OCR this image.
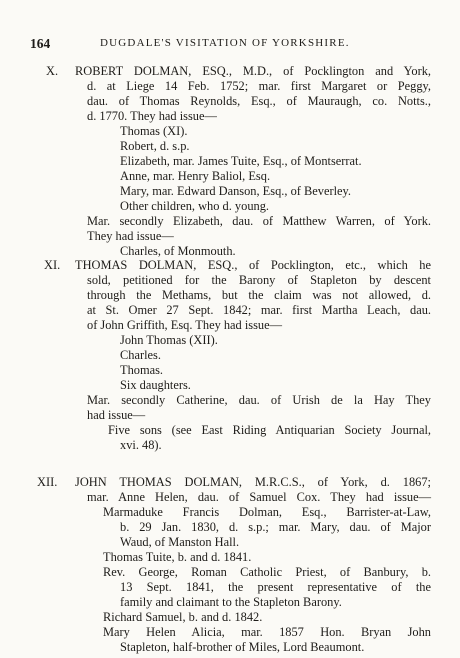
164	DUGDALE'S VISITATION OF YORKSHIRE.
X. ROBERT DOLMAN, ESQ., M.D., of Pocklington and York,
d. at Liege 14 Feb. 1752; mar. first Margaret or Peggy,
dau. of Thomas Reynolds, Esq., of Mauraugh, co. Notts.,
d. 1770. They had issue—
Thomas (XI).
Robert, d. s.p.
Elizabeth, mar. James Tuite, Esq., of Montserrat.
Anne, mar. Henry Baliol, Esq.
Mary, mar. Edward Danson, Esq., of Beverley.
Other children, who d. young.
Mar. secondly Elizabeth, dau. of Matthew Warren, of York.
They had issue—
Charles, of Monmouth.
XI. THOMAS DOLMAN, ESQ., of Pocklington, etc., which he
sold, petitioned for the Barony of Stapleton by descent
through the Methams, but the claim was not allowed, d.
at St. Omer 27 Sept. 1842; mar. first Martha Leach, dau.
of John Griffith, Esq. They had issue—
John Thomas (XII).
Charles.
Thomas.
Six daughters.
Mar. secondly Catherine, dau. of Urish de la Hay They
had issue—
Five sons (see East Riding Antiquarian Society Journal,
xvi. 48).
XII. JOHN THOMAS DOLMAN, M.R.C.S., of York, d. 1867;
mar. Anne Helen, dau. of Samuel Cox. They had issue—
Marmaduke Francis Dolman, Esq., Barrister-at-Law,
b. 29 Jan. 1830, d. s.p.; mar. Mary, dau. of Major
Waud, of Manston Hall.
Thomas Tuite, b. and d. 1841.
Rev. George, Roman Catholic Priest, of Banbury, b.
13 Sept. 1841, the present representative of the
family and claimant to the Stapleton Barony.
Richard Samuel, b. and d. 1842.
Mary Helen Alicia, mar. 1857 Hon. Bryan John
Stapleton, half-brother of Miles, Lord Beaumont.
